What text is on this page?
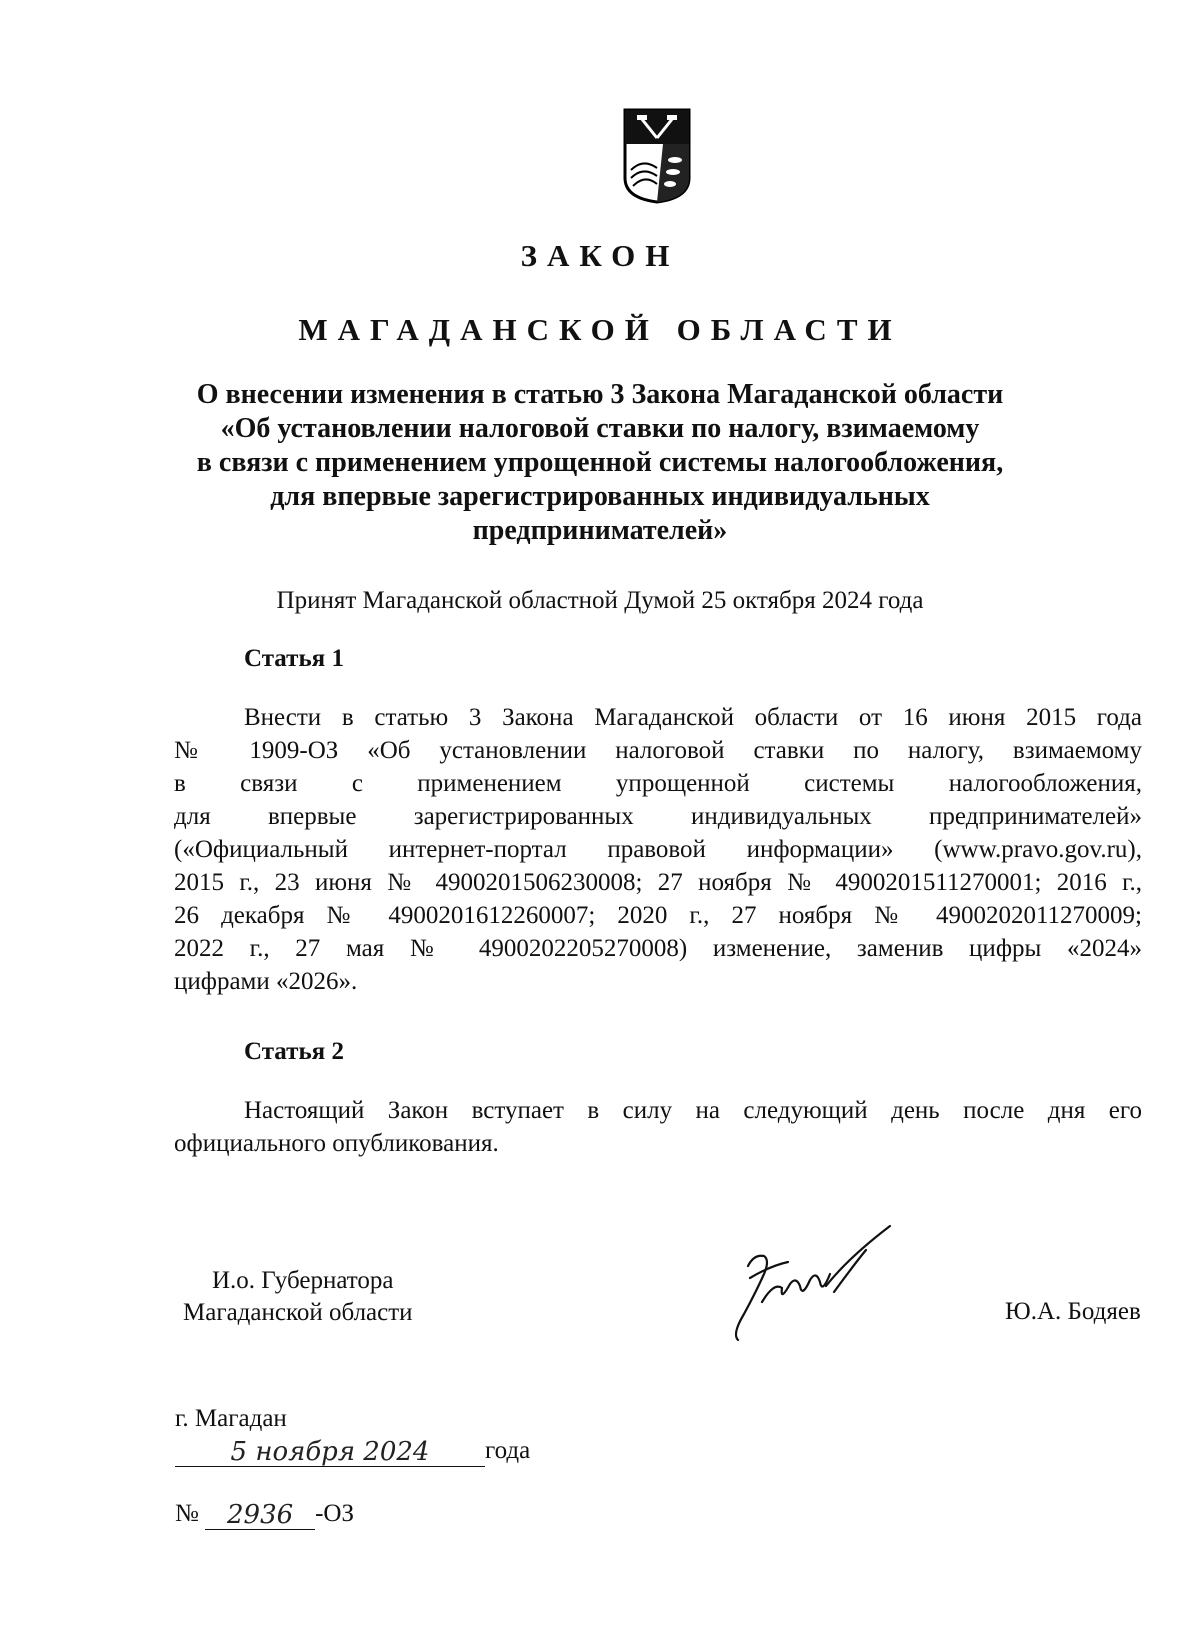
ЗАКОН
МАГАДАНСКОЙ ОБЛАСТИ
О внесении изменения в статью 3 Закона Магаданской области
«Об установлении налоговой ставки по налогу, взимаемому
в связи с применением упрощенной системы налогообложения,
для впервые зарегистрированных индивидуальных
предпринимателей»
Принят Магаданской областной Думой 25 октября 2024 года
Статья 1
Внести в статью 3 Закона Магаданской области от 16 июня 2015 года
№ 1909-ОЗ «Об установлении налоговой ставки по налогу, взимаемому
в связи с применением упрощенной системы налогообложения,
для впервые зарегистрированных индивидуальных предпринимателей»
(«Официальный интернет-портал правовой информации» (www.pravo.gov.ru),
2015 г., 23 июня № 4900201506230008; 27 ноября № 4900201511270001; 2016 г.,
26 декабря № 4900201612260007; 2020 г., 27 ноября № 4900202011270009;
2022 г., 27 мая № 4900202205270008) изменение, заменив цифры «2024»
цифрами «2026».
Статья 2
Настоящий Закон вступает в силу на следующий день после дня его
официального опубликования.
И.о. Губернатора
Магаданской области	Ю.А. Бодяев
г. Магадан
5 ноября 2024 года
№ 2936 -ОЗ
